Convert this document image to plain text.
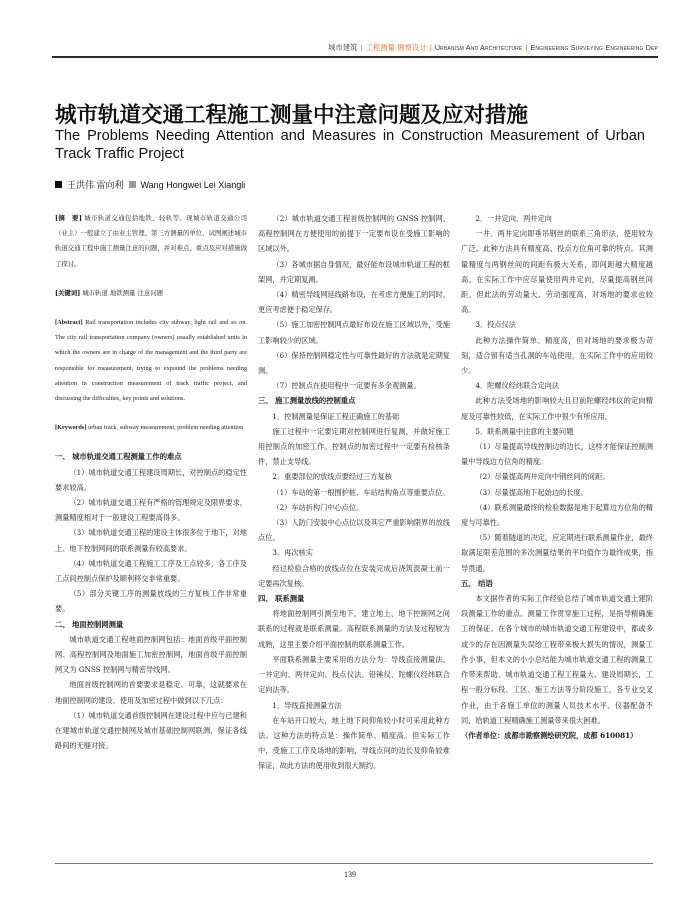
城市建筑 | 工程测量·勘察设计 | Urbanism And Architecture | Engineering Surveying·Engineering Dep
城市轨道交通工程施工测量中注意问题及应对措施
The Problems Needing Attention and Measures in Construction Measurement of Urban Track Traffic Project
王洪伟 雷向利 Wang Hongwei Lei Xiangli

[摘　要] 城市轨道交通包括地铁、轻轨等。现城市轨道交通公司（业主）一般建立了由业主管理、第三方测量的单位，试图阐述城市轨道交通工程中施工测量注意的问题，并对难点、重点及应对措施做了探讨。

[关键词] 城市轨道 地铁测量 注意问题

[Abstract] Rail transportation includes city subway, light rail and so on. The city rail transportation company (owners) usually established units in which the owners are in charge of the management and the third party are responsible for measurement, trying to expound the problems needing attention in construction measurement of track traffic project, and discussing the difficulties, key points and solutions.

[Keywords] urban track, subway measurement, problem needing attention

一、 城市轨道交通工程测量工作的难点

（1）城市轨道交通工程建设周期长，对控制点的稳定性要求较高。

（2）城市轨道交通工程有严格的管理规定及限界要求，测量精度相对于一般建设工程要高得多。

（3）城市轨道交通工程的建设主体很多位于地下，对地上、地下控制网间的联系测量有较高要求。

（4）城市轨道交通工程施工工序及工点较多，各工序及工点间控制点保护及顺利移交非常重要。

（5）部分关键工序的测量放线的三方复核工作非常重要。

二、 地面控制网测量

城市轨道交通工程地面控制网包括：地面首级平面控制网、高程控制网及地面施工加密控制网，地面首级平面控制网又为 GNSS 控制网与精密导线网。

地面首级控制网的首要要求是稳定、可靠，这就要求在地面控制网的建设、使用及加密过程中做到以下几点：

（1）城市轨道交通首级控制网在建设过程中应与已建和在建城市轨道交通控制网及城市基础控制网联测，保证各线路间的无缝对接。

（2）城市轨道交通工程首级控制网的 GNSS 控制网、高程控制网在方便使用的前提下一定要布设在受施工影响的区域以外。

（3）各城市据自身情况，最好能布设城市轨道工程的框架网，并定期复测。

（4）精密导线网延线路布设，在考虑方便施工的同时，更应考虑便于稳定保存。

（5）施工加密控制网点最好布设在施工区域以外，受施工影响较少的区域。

（6）保持控制网稳定性与可靠性最好的方法就是定期复测。

（7）控制点在使用程中一定要有多余观测量。

三、 施工测量放线的控制重点

1．控制测量是保证工程正确施工的基础

施工过程中一定要定期对控制网进行复测，并做好施工用控制点的加密工作。控制点的加密过程中一定要有检核条件，禁止支导线。

2．重要部位的放线点要经过三方复核

（1）车站的第一根围护桩、车站结构角点等重要点位。

（2）车站折构门中心点位。

（3）人防门安装中心点位以及其它严重影响限界的放线点位。

3．再次核实

经过检验合格的放线点位在安装完成后浇筑混凝土前一定要再次复核。

四、 联系测量

将地面控制网引测至地下，建立地上、地下控制网之间联系的过程就是联系测量。高程联系测量的方法及过程较为成熟，这里主要介绍平面控制的联系测量工作。

平面联系测量主要采用的方法分为：导线直接测量法、一井定向、两井定向、投点仪法、铅锤仪、陀螺仪经纬联合定向法等。

1．导线直接测量方法

在车站开口较大，地上地下间仰角较小时可采用此种方法。这种方法的特点是：操作简单、精度高。但实际工作中，受施工工序及场地的影响，导线点间的边长及仰角较难保证，故此方法的使用收到很大制约。

2．一井定向、两井定向

一井、两井定向即垂吊钢丝的联系三角形法，使用较为广泛。此种方法具有精度高、投点方位角可靠的特点。其测量精度与两钢丝间的间距有极大关系，即间距越大精度越高，在实际工作中应尽量使用两井定向，尽量提高钢丝间距。但此法的劳动量大、劳动强度高，对场地的要求也较高。

3．投点仪法

此种方法操作简单、精度高，但对场地的要求极为苛刻，适合留有适当孔洞的车站使用，在实际工作中的应用较少。

4．陀螺仪经纬联合定向法

此种方法受场地的影响较大且目前陀螺经纬仪的定向精度及可靠性较低，在实际工作中很少有所应用。

5．联系测量中注意的主要问题

（1）尽量提高导线控制边的边长，这样才能保证控制测量中导线边方位角的精度。

（2）尽量提高两井定向中钢丝间的间距。

（3）尽量提高地下起始边的长度。

（4）联系测量最终的检验数据是地下起算边方位角的精度与可靠性。

（5）随着隧道的决定，应定期进行联系测量作业，最终取满足限差范围的多次测量结果的平均值作为最终成果，指导贯通。

五、 结语

本文据作者的实际工作经验总结了城市轨道交通土建阶段测量工作的重点。测量工作贯穿施工过程，是指导精确施工的保证。在各个城市的城市轨道交通工程建设中，都或多或少的存在因测量失误给工程带来极大损失的情况，测量工作小事，但本文的小小总结能为城市轨道交通工程的测量工作带来帮助。城市轨道交通工程工程量大、建设周期长，工程一般分标段、工区、施工方法等分阶段施工，各专业交叉作业，由于各施工单位的测量人员技术水平、仪器配备不同，给轨道工程精确施工测量带来很大困难。

（作者单位：成都市勘察测绘研究院，成都 610081）

139
